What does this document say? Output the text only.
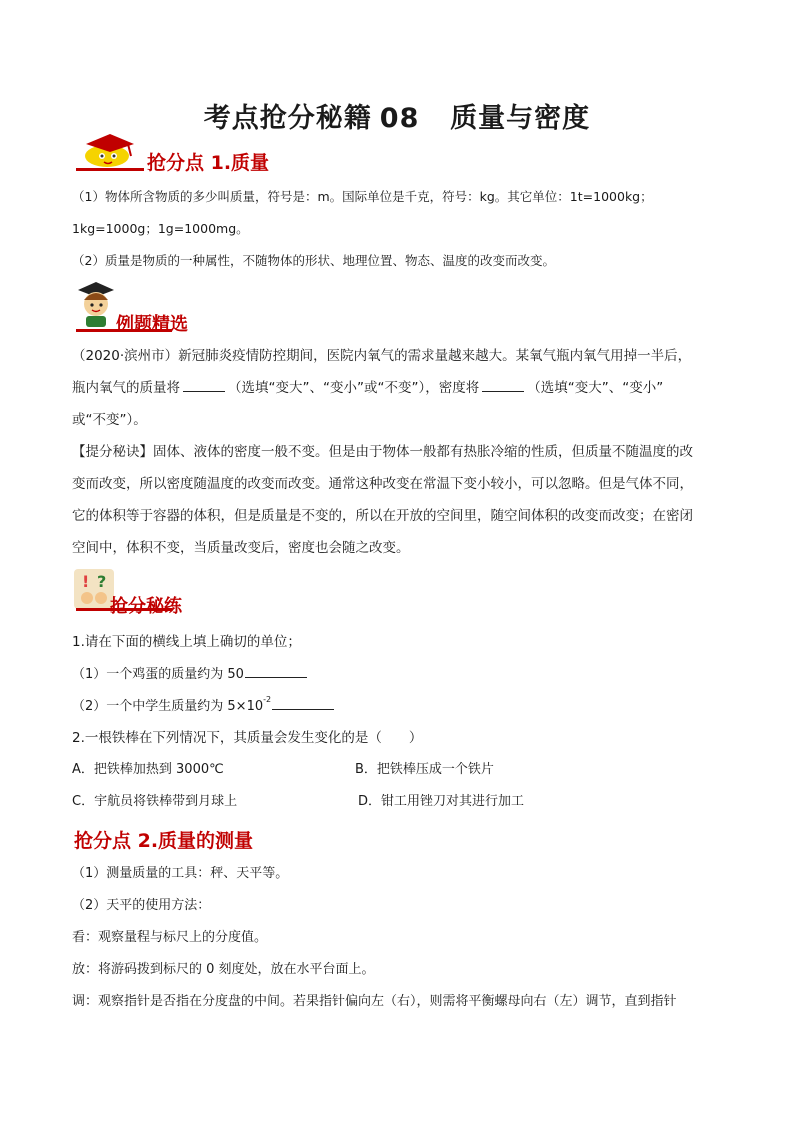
考点抢分秘籍 08 质量与密度
抢分点 1.质量
（1）物体所含物质的多少叫质量，符号是：m。国际单位是千克，符号：kg。其它单位：1t=1000kg；
1kg=1000g；1g=1000mg。
（2）质量是物质的一种属性，不随物体的形状、地理位置、物态、温度的改变而改变。
例题精选
（2020·滨州市）新冠肺炎疫情防控期间，医院内氧气的需求量越来越大。某氧气瓶内氧气用掉一半后，
瓶内氧气的质量将	（选填“变大”、“变小”或“不变”），密度将	（选填“变大”、“变小”
或“不变”）。
【提分秘诀】固体、液体的密度一般不变。但是由于物体一般都有热胀冷缩的性质，但质量不随温度的改
变而改变，所以密度随温度的改变而改变。通常这种改变在常温下变小较小，可以忽略。但是气体不同，
它的体积等于容器的体积，但是质量是不变的，所以在开放的空间里，随空间体积的改变而改变；在密闭
空间中，体积不变，当质量改变后，密度也会随之改变。
! ?
抢分秘练
1.请在下面的横线上填上确切的单位；
（1）一个鸡蛋的质量约为 50
（2）一个中学生质量约为 $5\times 10^{-2}$
2.一根铁棒在下列情况下，其质量会发生变化的是（　　）
A．把铁棒加热到 3000℃	B．把铁棒压成一个铁片
C．宇航员将铁棒带到月球上	D．钳工用锉刀对其进行加工
抢分点 2.质量的测量
（1）测量质量的工具：秤、天平等。
（2）天平的使用方法：
看：观察量程与标尺上的分度值。
放：将游码拨到标尺的 0 刻度处，放在水平台面上。
调：观察指针是否指在分度盘的中间。若果指针偏向左（右），则需将平衡螺母向右（左）调节，直到指针
